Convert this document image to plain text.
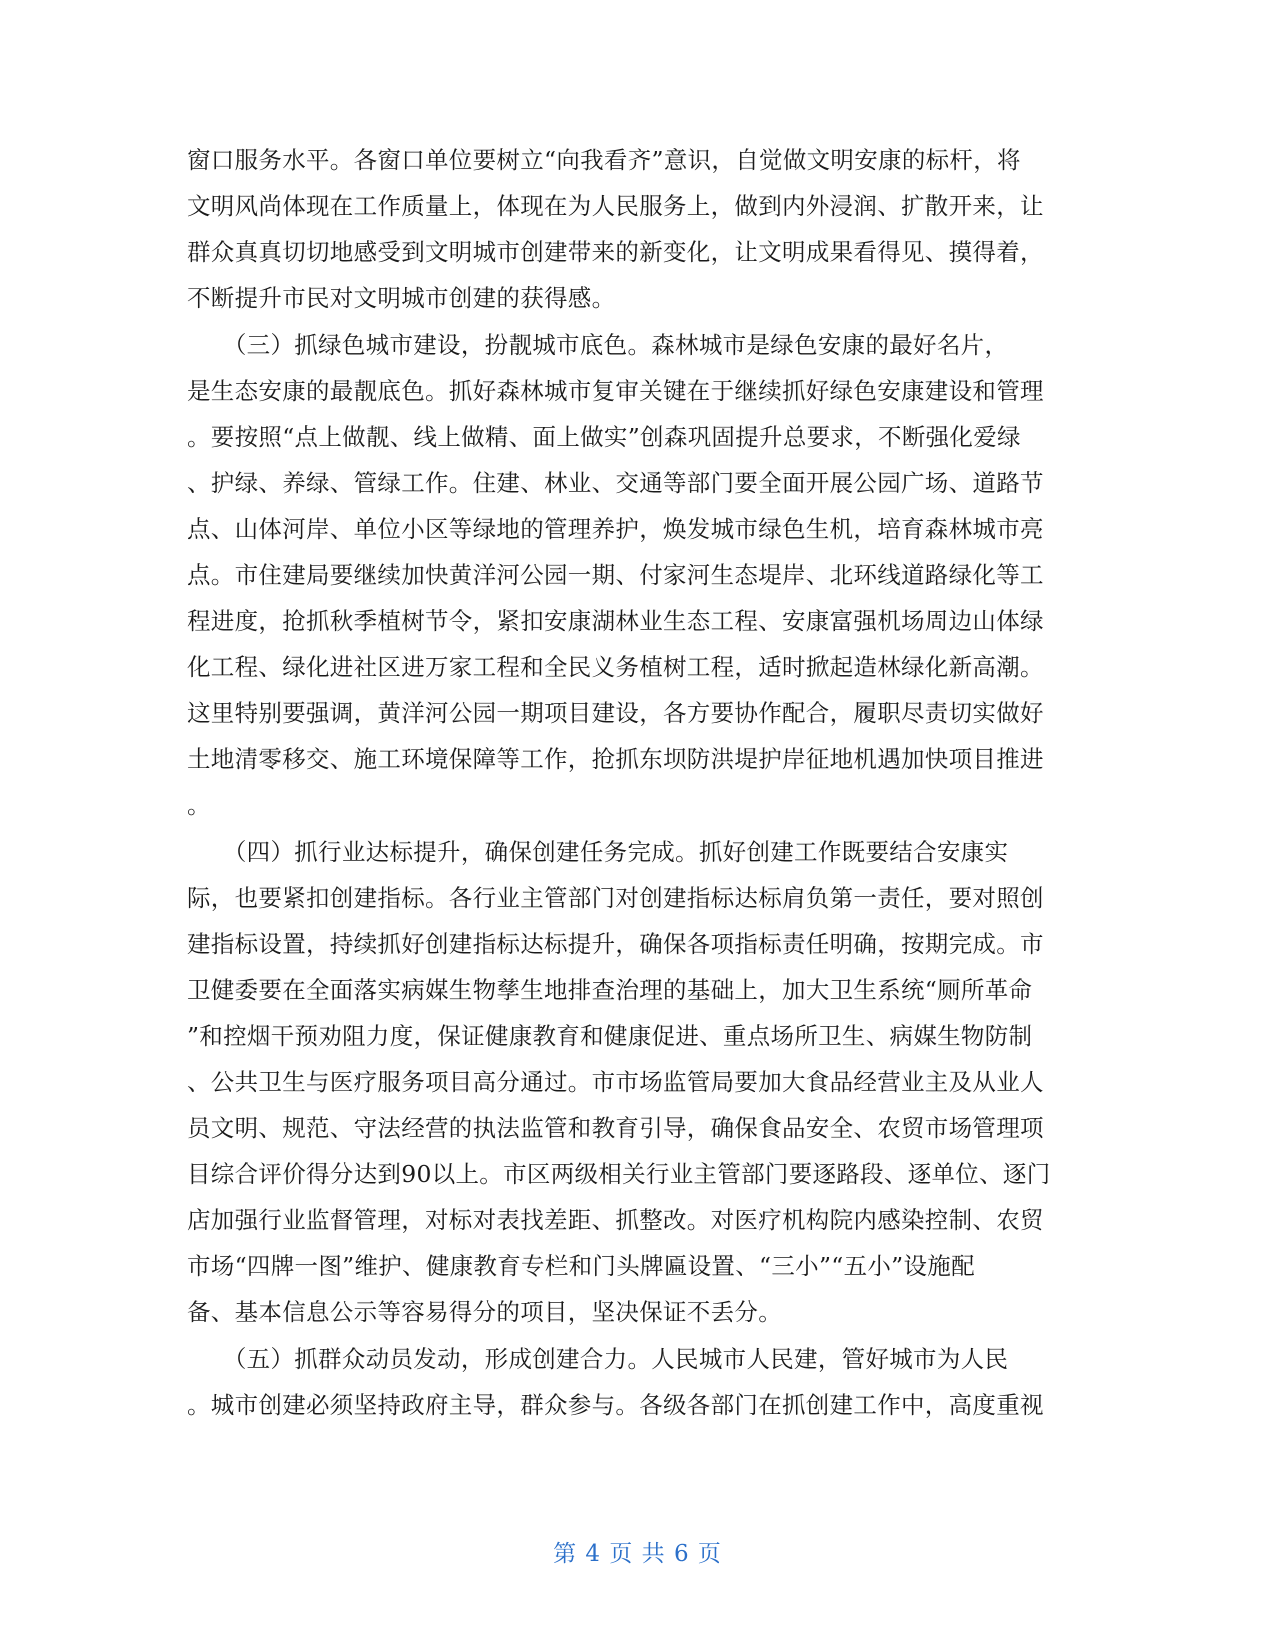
窗口服务水平。各窗口单位要树立“向我看齐”意识，自觉做文明安康的标杆，将
文明风尚体现在工作质量上，体现在为人民服务上，做到内外浸润、扩散开来，让
群众真真切切地感受到文明城市创建带来的新变化，让文明成果看得见、摸得着，
不断提升市民对文明城市创建的获得感。
　　（三）抓绿色城市建设，扮靓城市底色。森林城市是绿色安康的最好名片，
是生态安康的最靓底色。抓好森林城市复审关键在于继续抓好绿色安康建设和管理
。要按照“点上做靓、线上做精、面上做实”创森巩固提升总要求，不断强化爱绿
、护绿、养绿、管绿工作。住建、林业、交通等部门要全面开展公园广场、道路节
点、山体河岸、单位小区等绿地的管理养护，焕发城市绿色生机，培育森林城市亮
点。市住建局要继续加快黄洋河公园一期、付家河生态堤岸、北环线道路绿化等工
程进度，抢抓秋季植树节令，紧扣安康湖林业生态工程、安康富强机场周边山体绿
化工程、绿化进社区进万家工程和全民义务植树工程，适时掀起造林绿化新高潮。
这里特别要强调，黄洋河公园一期项目建设，各方要协作配合，履职尽责切实做好
土地清零移交、施工环境保障等工作，抢抓东坝防洪堤护岸征地机遇加快项目推进
。
　　（四）抓行业达标提升，确保创建任务完成。抓好创建工作既要结合安康实
际，也要紧扣创建指标。各行业主管部门对创建指标达标肩负第一责任，要对照创
建指标设置，持续抓好创建指标达标提升，确保各项指标责任明确，按期完成。市
卫健委要在全面落实病媒生物孳生地排查治理的基础上，加大卫生系统“厕所革命
”和控烟干预劝阻力度，保证健康教育和健康促进、重点场所卫生、病媒生物防制
、公共卫生与医疗服务项目高分通过。市市场监管局要加大食品经营业主及从业人
员文明、规范、守法经营的执法监管和教育引导，确保食品安全、农贸市场管理项
目综合评价得分达到90以上。市区两级相关行业主管部门要逐路段、逐单位、逐门
店加强行业监督管理，对标对表找差距、抓整改。对医疗机构院内感染控制、农贸
市场“四牌一图”维护、健康教育专栏和门头牌匾设置、“三小”“五小”设施配
备、基本信息公示等容易得分的项目，坚决保证不丢分。
　　（五）抓群众动员发动，形成创建合力。人民城市人民建，管好城市为人民
。城市创建必须坚持政府主导，群众参与。各级各部门在抓创建工作中，高度重视
第 4 页 共 6 页
